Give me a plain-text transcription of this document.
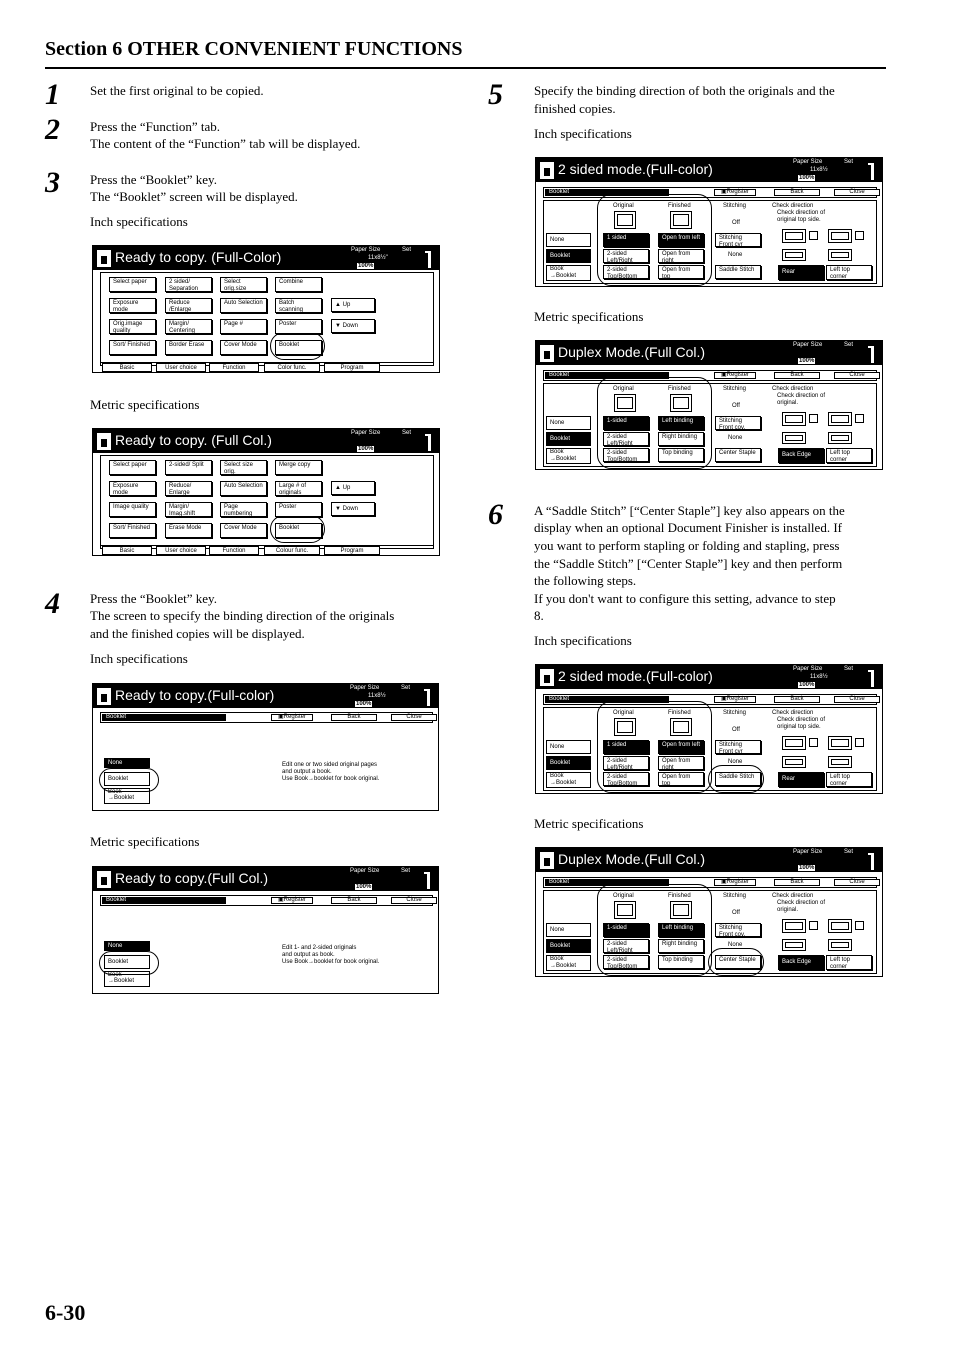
Section 6 OTHER CONVENIENT FUNCTIONS
1 Set the first original to be copied.
2 Press the “Function” tab.
The content of the “Function” tab will be displayed.
3 Press the “Booklet” key.
The “Booklet” screen will be displayed.
Inch specifications
Ready to copy. (Full-Color)	Paper Size
11x8½"
100%
Set
▲ Up
▼ Down
Basic	User choice	Function	Color func.	Program
Select paper	2 sided/ Separation
Select orig.size
Combine
Exposure mode
Reduce /Enlarge
Auto Selection	Batch scanning
Orig.image quality
Margin/ Centering
Page #	Poster
Sort/ Finished	Border Erase	Cover Mode	Booklet
Metric specifications
Ready to copy. (Full Col.)	Paper Size
100%
Set
▲ Up
▼ Down
Basic	User choice	Function	Colour func.	Program
Select paper	2-sided/ Split	Select size orig.
Merge copy
Exposure mode
Reduce/ Enlarge
Auto Selection	Large # of originals
Image quality	Margin/ Imag.shift
Page numbering
Poster
Sort/ Finished	Erase Mode	Cover Mode	Booklet
4 Press the “Booklet” key.
The screen to specify the binding direction of the originals
and the finished copies will be displayed.
Inch specifications
Ready to copy.(Full-color)	Paper Size
11x8½
100%
Set
Booklet	▣Register	Back	Close
None
Booklet
Book →Booklet
Edit one or two sided original pages
and output a book.
Use Book→booklet for book original.
Metric specifications
Ready to copy.(Full Col.)	Paper Size
100%
Set
Booklet	▣Register	Back	Close
None
Booklet
Book →Booklet
Edit 1- and 2-sided originals
and output as book.
Use Book→booklet for book original.
5 Specify the binding direction of both the originals and the
finished copies.
Inch specifications
2 sided mode.(Full-color)	Paper Size
11x8½
100%
Set
Booklet	▣Register	Back	Close
Original	Finished	Stitching	Check direction
Check direction of
original top side.
Off
None
Booklet
Book →Booklet
1 sided	Open from left
2-sided Left/Right
Open from right
2-sided Top/Bottom
Open from top
Stitching Front cvr
None
Saddle Stitch	Rear	Left top corner
Metric specifications
Duplex Mode.(Full Col.)	Paper Size
100%
Set
Booklet	▣Register	Back	Close
Original	Finished	Stitching	Check direction
Check direction of
original.
Off
None
Booklet
Book →Booklet
1-sided	Left binding
2-sided Left/Right
Right binding
2-sided Top/Bottom
Top binding
Stitching Front cov.
None
Center Staple	Back Edge	Left top corner
6 A “Saddle Stitch” [“Center Staple”] key also appears on the
display when an optional Document Finisher is installed. If
you want to perform stapling or folding and stapling, press
the “Saddle Stitch” [“Center Staple”] key and then perform
the following steps.
If you don't want to configure this setting, advance to step
8.
Inch specifications
2 sided mode.(Full-color)	Paper Size
11x8½
100%
Set
Booklet	▣Register	Back	Close
Original	Finished	Stitching	Check direction
Check direction of
original top side.
Off
None
Booklet
Book →Booklet
1 sided	Open from left
2-sided Left/Right
Open from right
2-sided Top/Bottom
Open from top
Stitching Front cvr
None
Saddle Stitch	Rear	Left top corner
Metric specifications
Duplex Mode.(Full Col.)	Paper Size
100%
Set
Booklet	▣Register	Back	Close
Original	Finished	Stitching	Check direction
Check direction of
original.
Off
None
Booklet
Book →Booklet
1-sided	Left binding
2-sided Left/Right
Right binding
2-sided Top/Bottom
Top binding
Stitching Front cov.
None
Center Staple	Back Edge	Left top corner
6-30
